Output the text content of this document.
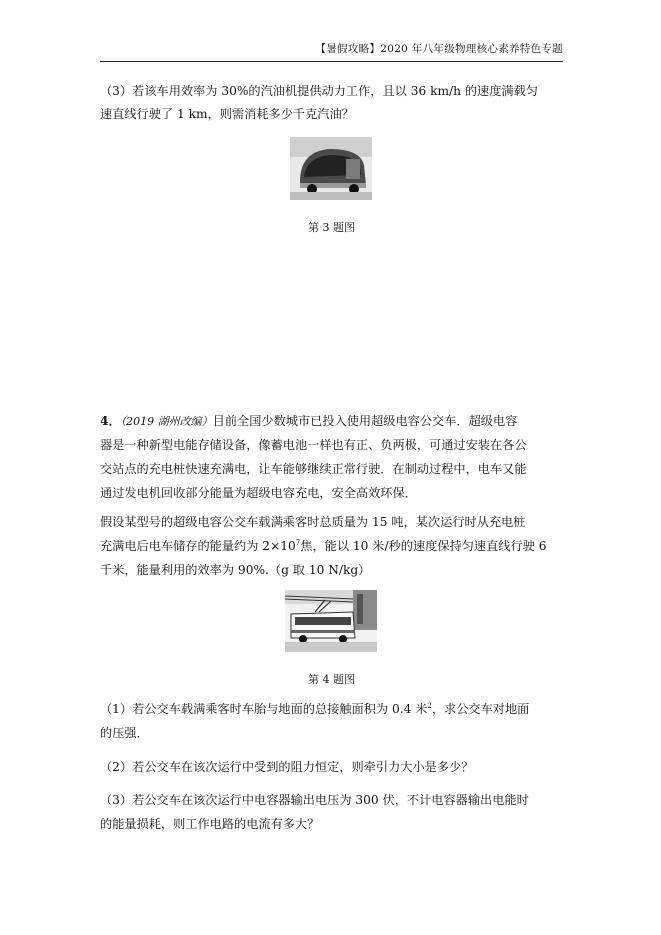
【暑假攻略】2020 年八年级物理核心素养特色专题

（3）若该车用效率为 30%的汽油机提供动力工作，且以 36 km/h 的速度满载匀

速直线行驶了 1 km，则需消耗多少千克汽油？

第 3 题图

4．（2019 湖州改编）目前全国少数城市已投入使用超级电容公交车．超级电容

器是一种新型电能存储设备，像蓄电池一样也有正、负两极，可通过安装在各公

交站点的充电桩快速充满电，让车能够继续正常行驶．在制动过程中，电车又能

通过发电机回收部分能量为超级电容充电，安全高效环保．

假设某型号的超级电容公交车载满乘客时总质量为 15 吨，某次运行时从充电桩

充满电后电车储存的能量约为 $2\times 10^7$焦，能以 10 米/秒的速度保持匀速直线行驶 6

千米，能量利用的效率为 90%.（g 取 10 N/kg）

第 4 题图

（1）若公交车载满乘客时车胎与地面的总接触面积为 0.4 米$^2$，求公交车对地面

的压强．

（2）若公交车在该次运行中受到的阻力恒定，则牵引力大小是多少？

（3）若公交车在该次运行中电容器输出电压为 300 伏，不计电容器输出电能时

的能量损耗，则工作电路的电流有多大？
